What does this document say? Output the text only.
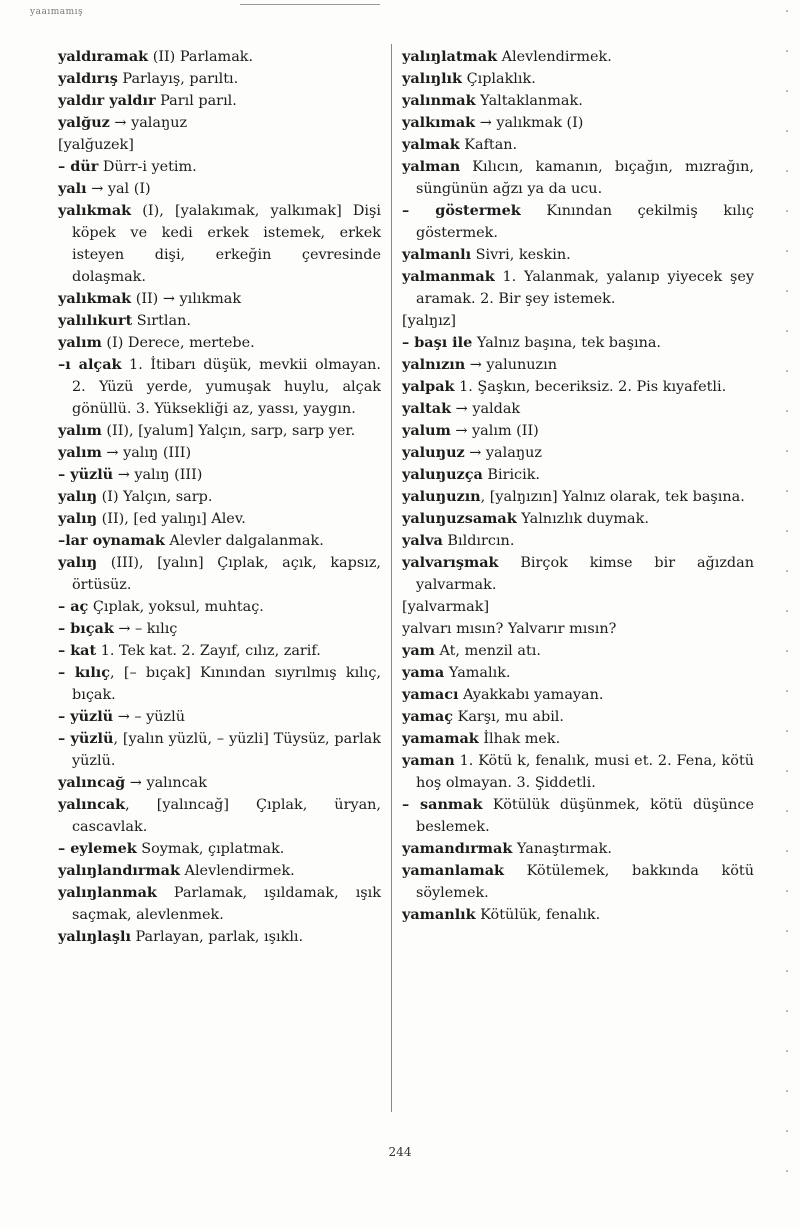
yaaımamış

yaldıramak (II) Parlamak.

yaldırış Parlayış, parıltı.

yaldır yaldır Parıl parıl.

yalğuz → yalaŋuz

[yalğuzek]

– dür Dürr-i yetim.

yalı → yal (I)

yalıkmak (I), [yalakımak, yalkımak] Dişi köpek ve kedi erkek istemek, erkek isteyen dişi, erkeğin çevresinde dolaşmak.

yalıkmak (II) → yılıkmak

yalılıkurt Sırtlan.

yalım (I) Derece, mertebe.

–ı alçak 1. İtibarı düşük, mevkii olmayan. 2. Yüzü yerde, yumuşak huylu, alçak gönüllü. 3. Yüksekliği az, yassı, yaygın.

yalım (II), [yalum] Yalçın, sarp, sarp yer.

yalım → yalıŋ (III)

– yüzlü → yalıŋ (III)

yalıŋ (I) Yalçın, sarp.

yalıŋ (II), [ed yalıŋı] Alev.

–lar oynamak Alevler dalgalanmak.

yalıŋ (III), [yalın] Çıplak, açık, kapsız, örtüsüz.

– aç Çıplak, yoksul, muhtaç.

– bıçak → – kılıç

– kat 1. Tek kat. 2. Zayıf, cılız, zarif.

– kılıç, [– bıçak] Kınından sıyrılmış kılıç, bıçak.

– yüzlü → – yüzlü

– yüzlü, [yalın yüzlü, – yüzli] Tüysüz, parlak yüzlü.

yalıncağ → yalıncak

yalıncak, [yalıncağ] Çıplak, üryan, cascavlak.

– eylemek Soymak, çıplatmak.

yalıŋlandırmak Alevlendirmek.

yalıŋlanmak Parlamak, ışıldamak, ışık saçmak, alevlenmek.

yalıŋlaşlı Parlayan, parlak, ışıklı.

yalıŋlatmak Alevlendirmek.

yalıŋlık Çıplaklık.

yalınmak Yaltaklanmak.

yalkımak → yalıkmak (I)

yalmak Kaftan.

yalman Kılıcın, kamanın, bıçağın, mızrağın, süngünün ağzı ya da ucu.

– göstermek Kınından çekilmiş kılıç göstermek.

yalmanlı Sivri, keskin.

yalmanmak 1. Yalanmak, yalanıp yiyecek şey aramak. 2. Bir şey istemek.

[yalŋız]

– başı ile Yalnız başına, tek başına.

yalnızın → yalunuzın

yalpak 1. Şaşkın, beceriksiz. 2. Pis kıyafetli.

yaltak → yaldak

yalum → yalım (II)

yaluŋuz → yalaŋuz

yaluŋuzça Biricik.

yaluŋuzın, [yalŋızın] Yalnız olarak, tek başına.

yaluŋuzsamak Yalnızlık duymak.

yalva Bıldırcın.

yalvarışmak Birçok kimse bir ağızdan yalvarmak.

[yalvarmak]

yalvarı mısın? Yalvarır mısın?

yam At, menzil atı.

yama Yamalık.

yamacı Ayakkabı yamayan.

yamaç Karşı, mu abil.

yamamak İlhak mek.

yaman 1. Kötü k, fenalık, musi et. 2. Fena, kötü hoş olmayan. 3. Şiddetli.

– sanmak Kötülük düşünmek, kötü düşünce beslemek.

yamandırmak Yanaştırmak.

yamanlamak Kötülemek, bakkında kötü söylemek.

yamanlık Kötülük, fenalık.

244
